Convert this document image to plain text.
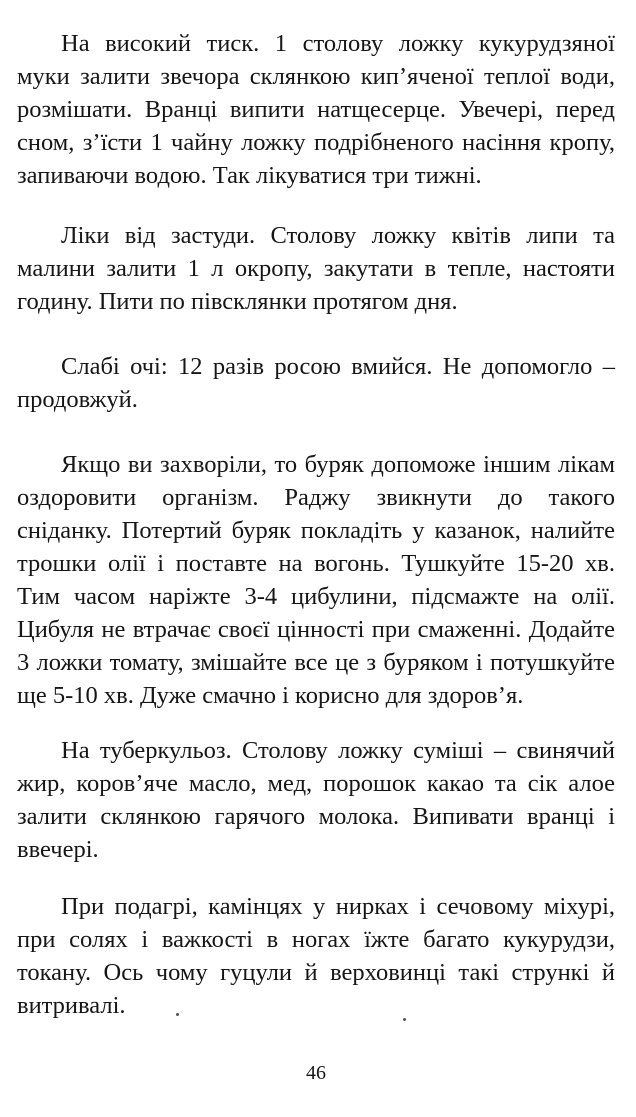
На високий тиск. 1 столову ложку кукурудзяної муки залити звечора склянкою кип’яченої теплої води, розмішати. Вранці випити натщесерце. Увечері, перед сном, з’їсти 1 чайну ложку подрібненого насіння кропу, запиваючи водою. Так лікуватися три тижні.

Ліки від застуди. Столову ложку квітів липи та малини залити 1 л окропу, закутати в тепле, настояти годину. Пити по півсклянки протягом дня.

Слабі очі: 12 разів росою вмийся. Не допомогло – продовжуй.

Якщо ви захворіли, то буряк допоможе іншим лікам оздоровити організм. Раджу звикнути до такого сніданку. Потертий буряк покладіть у казанок, налийте трошки олії і поставте на вогонь. Тушкуйте 15-20 хв. Тим часом наріжте 3-4 цибулини, підсмажте на олії. Цибуля не втрачає своєї цінності при смаженні. Додайте 3 ложки томату, змішайте все це з буряком і потушкуйте ще 5-10 хв. Дуже смачно і корисно для здоров’я.

На туберкульоз. Столову ложку суміші – свинячий жир, коров’яче масло, мед, порошок какао та сік алое залити склянкою гарячого молока. Випивати вранці і ввечері.

При подагрі, камінцях у нирках і сечовому міхурі, при солях і важкості в ногах їжте багато кукурудзи, токану. Ось чому гуцули й верховинці такі стрункі й витривалі.

46
